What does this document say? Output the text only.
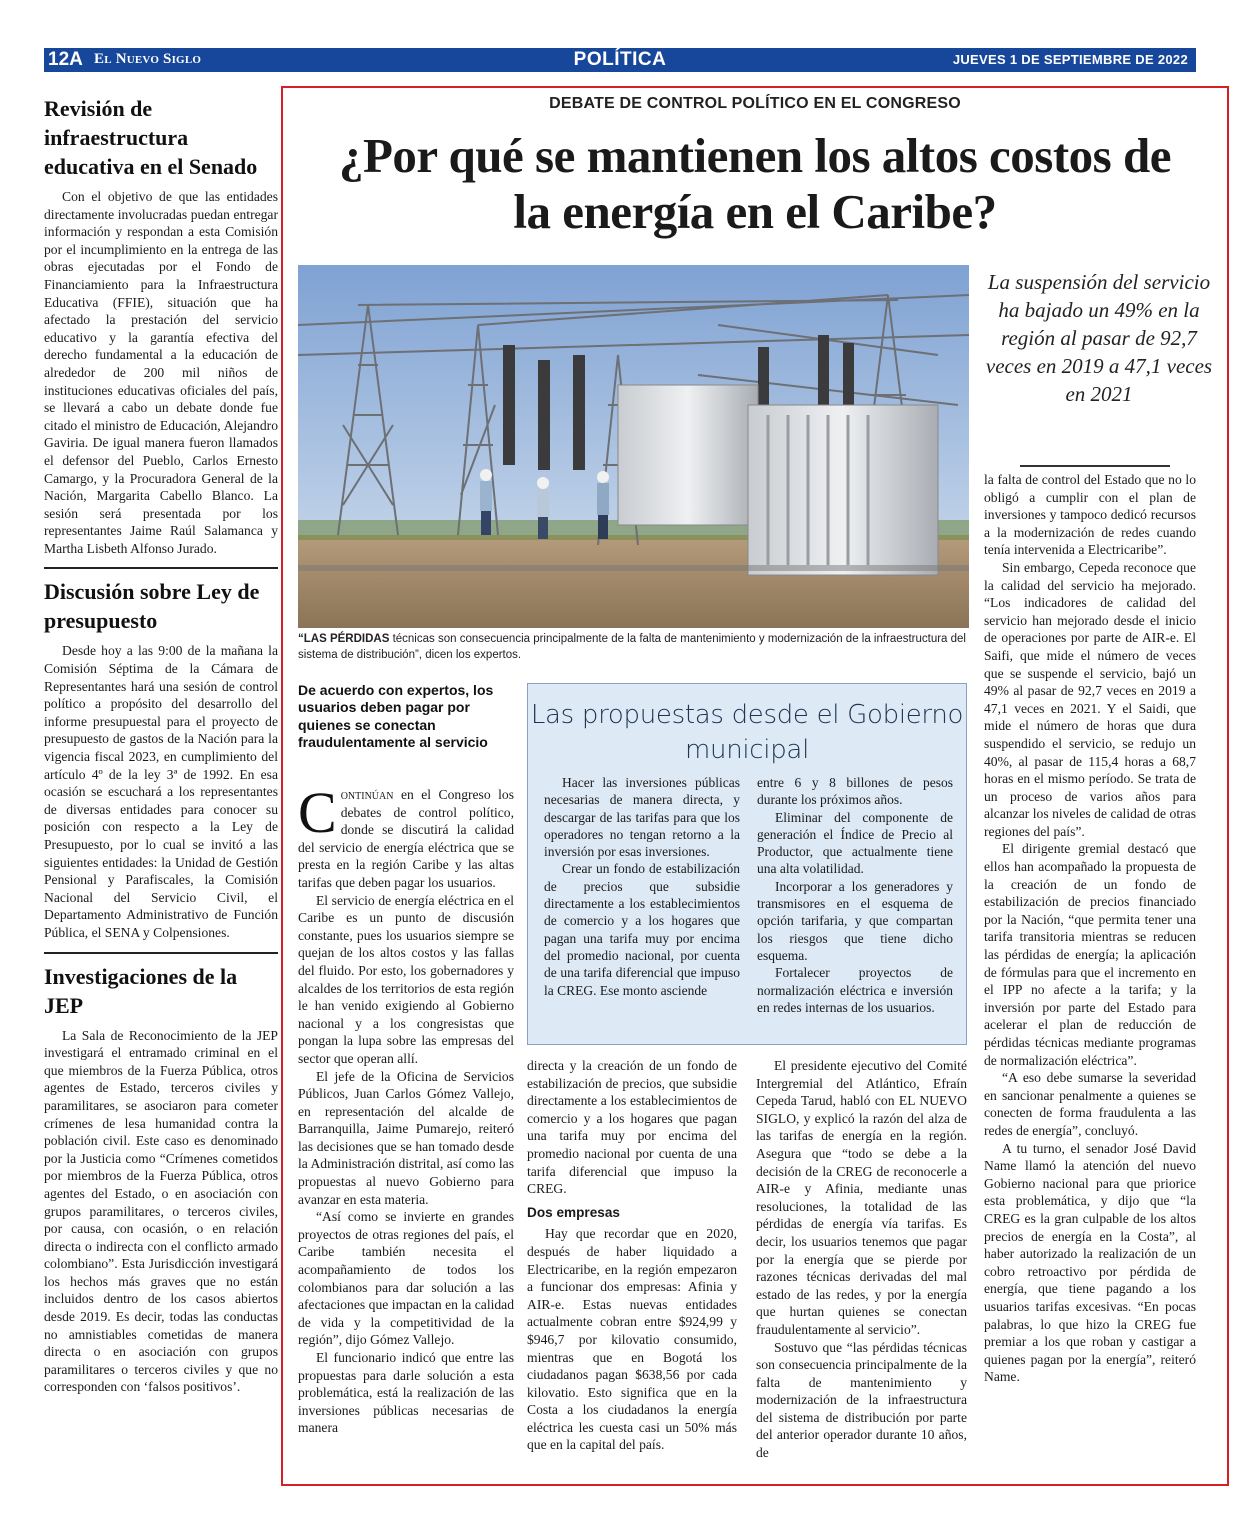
12A El Nuevo Siglo	POLÍTICA	JUEVES 1 DE SEPTIEMBRE DE 2022
Revisión de infraestructura educativa en el Senado

Con el objetivo de que las entidades directamente involucradas puedan entregar información y respondan a esta Comisión por el incumplimiento en la entrega de las obras ejecutadas por el Fondo de Financiamiento para la Infraestructura Educativa (FFIE), situación que ha afectado la prestación del servicio educativo y la garantía efectiva del derecho fundamental a la educación de alrededor de 200 mil niños de instituciones educativas oficiales del país, se llevará a cabo un debate donde fue citado el ministro de Educación, Alejandro Gaviria. De igual manera fueron llamados el defensor del Pueblo, Carlos Ernesto Camargo, y la Procuradora General de la Nación, Margarita Cabello Blanco. La sesión será presentada por los representantes Jaime Raúl Salamanca y Martha Lisbeth Alfonso Jurado.

Discusión sobre Ley de presupuesto

Desde hoy a las 9:00 de la mañana la Comisión Séptima de la Cámara de Representantes hará una sesión de control político a propósito del desarrollo del informe presupuestal para el proyecto de presupuesto de gastos de la Nación para la vigencia fiscal 2023, en cumplimiento del artículo 4º de la ley 3ª de 1992. En esa ocasión se escuchará a los representantes de diversas entidades para conocer su posición con respecto a la Ley de Presupuesto, por lo cual se invitó a las siguientes entidades: la Unidad de Gestión Pensional y Parafiscales, la Comisión Nacional del Servicio Civil, el Departamento Administrativo de Función Pública, el SENA y Colpensiones.

Investigaciones de la JEP

La Sala de Reconocimiento de la JEP investigará el entramado criminal en el que miembros de la Fuerza Pública, otros agentes de Estado, terceros civiles y paramilitares, se asociaron para cometer crímenes de lesa humanidad contra la población civil. Este caso es denominado por la Justicia como “Crímenes cometidos por miembros de la Fuerza Pública, otros agentes del Estado, o en asociación con grupos paramilitares, o terceros civiles, por causa, con ocasión, o en relación directa o indirecta con el conflicto armado colombiano”. Esta Jurisdicción investigará los hechos más graves que no están incluidos dentro de los casos abiertos desde 2019. Es decir, todas las conductas no amnistiables cometidas de manera directa o en asociación con grupos paramilitares o terceros civiles y que no corresponden con ‘falsos positivos’.

DEBATE DE CONTROL POLÍTICO EN EL CONGRESO
¿Por qué se mantienen los altos costos de la energía en el Caribe?
“LAS PÉRDIDAS técnicas son consecuencia principalmente de la falta de mantenimiento y modernización de la infraestructura del sistema de distribución”, dicen los expertos.
La suspensión del servicio ha bajado un 49% en la región al pasar de 92,7 veces en 2019 a 47,1 veces en 2021
De acuerdo con expertos, los usuarios deben pagar por quienes se conectan fraudulentamente al servicio

Continúan en el Congreso los debates de control político, donde se discutirá la calidad del servicio de energía eléctrica que se presta en la región Caribe y las altas tarifas que deben pagar los usuarios.

El servicio de energía eléctrica en el Caribe es un punto de discusión constante, pues los usuarios siempre se quejan de los altos costos y las fallas del fluido. Por esto, los gobernadores y alcaldes de los territorios de esta región le han venido exigiendo al Gobierno nacional y a los congresistas que pongan la lupa sobre las empresas del sector que operan allí.

El jefe de la Oficina de Servicios Públicos, Juan Carlos Gómez Vallejo, en representación del alcalde de Barranquilla, Jaime Pumarejo, reiteró las decisiones que se han tomado desde la Administración distrital, así como las propuestas al nuevo Gobierno para avanzar en esta materia.

“Así como se invierte en grandes proyectos de otras regiones del país, el Caribe también necesita el acompañamiento de todos los colombianos para dar solución a las afectaciones que impactan en la calidad de vida y la competitividad de la región”, dijo Gómez Vallejo.

El funcionario indicó que entre las propuestas para darle solución a esta problemática, está la realización de las inversiones públicas necesarias de manera

Las propuestas desde el Gobierno municipal

Hacer las inversiones públicas necesarias de manera directa, y descargar de las tarifas para que los operadores no tengan retorno a la inversión por esas inversiones.

Crear un fondo de estabilización de precios que subsidie directamente a los establecimientos de comercio y a los hogares que pagan una tarifa muy por encima del promedio nacional, por cuenta de una tarifa diferencial que impuso la CREG. Ese monto asciende

entre 6 y 8 billones de pesos durante los próximos años.

Eliminar del componente de generación el Índice de Precio al Productor, que actualmente tiene una alta volatilidad.

Incorporar a los generadores y transmisores en el esquema de opción tarifaria, y que compartan los riesgos que tiene dicho esquema.

Fortalecer proyectos de normalización eléctrica e inversión en redes internas de los usuarios.

directa y la creación de un fondo de estabilización de precios, que subsidie directamente a los establecimientos de comercio y a los hogares que pagan una tarifa muy por encima del promedio nacional por cuenta de una tarifa diferencial que impuso la CREG.

Dos empresas

Hay que recordar que en 2020, después de haber liquidado a Electricaribe, en la región empezaron a funcionar dos empresas: Afinia y AIR-e. Estas nuevas entidades actualmente cobran entre $924,99 y $946,7 por kilovatio consumido, mientras que en Bogotá los ciudadanos pagan $638,56 por cada kilovatio. Esto significa que en la Costa a los ciudadanos la energía eléctrica les cuesta casi un 50% más que en la capital del país.

El presidente ejecutivo del Comité Intergremial del Atlántico, Efraín Cepeda Tarud, habló con EL NUEVO SIGLO, y explicó la razón del alza de las tarifas de energía en la región. Asegura que “todo se debe a la decisión de la CREG de reconocerle a AIR-e y Afinia, mediante unas resoluciones, la totalidad de las pérdidas de energía vía tarifas. Es decir, los usuarios tenemos que pagar por la energía que se pierde por razones técnicas derivadas del mal estado de las redes, y por la energía que hurtan quienes se conectan fraudulentamente al servicio”.

Sostuvo que “las pérdidas técnicas son consecuencia principalmente de la falta de mantenimiento y modernización de la infraestructura del sistema de distribución por parte del anterior operador durante 10 años, de

la falta de control del Estado que no lo obligó a cumplir con el plan de inversiones y tampoco dedicó recursos a la modernización de redes cuando tenía intervenida a Electricaribe”.

Sin embargo, Cepeda reconoce que la calidad del servicio ha mejorado. “Los indicadores de calidad del servicio han mejorado desde el inicio de operaciones por parte de AIR-e. El Saifi, que mide el número de veces que se suspende el servicio, bajó un 49% al pasar de 92,7 veces en 2019 a 47,1 veces en 2021. Y el Saidi, que mide el número de horas que dura suspendido el servicio, se redujo un 40%, al pasar de 115,4 horas a 68,7 horas en el mismo período. Se trata de un proceso de varios años para alcanzar los niveles de calidad de otras regiones del país”.

El dirigente gremial destacó que ellos han acompañado la propuesta de la creación de un fondo de estabilización de precios financiado por la Nación, “que permita tener una tarifa transitoria mientras se reducen las pérdidas de energía; la aplicación de fórmulas para que el incremento en el IPP no afecte a la tarifa; y la inversión por parte del Estado para acelerar el plan de reducción de pérdidas técnicas mediante programas de normalización eléctrica”.

“A eso debe sumarse la severidad en sancionar penalmente a quienes se conecten de forma fraudulenta a las redes de energía”, concluyó.

A tu turno, el senador José David Name llamó la atención del nuevo Gobierno nacional para que priorice esta problemática, y dijo que “la CREG es la gran culpable de los altos precios de energía en la Costa”, al haber autorizado la realización de un cobro retroactivo por pérdida de energía, que tiene pagando a los usuarios tarifas excesivas. “En pocas palabras, lo que hizo la CREG fue premiar a los que roban y castigar a quienes pagan por la energía”, reiteró Name.
